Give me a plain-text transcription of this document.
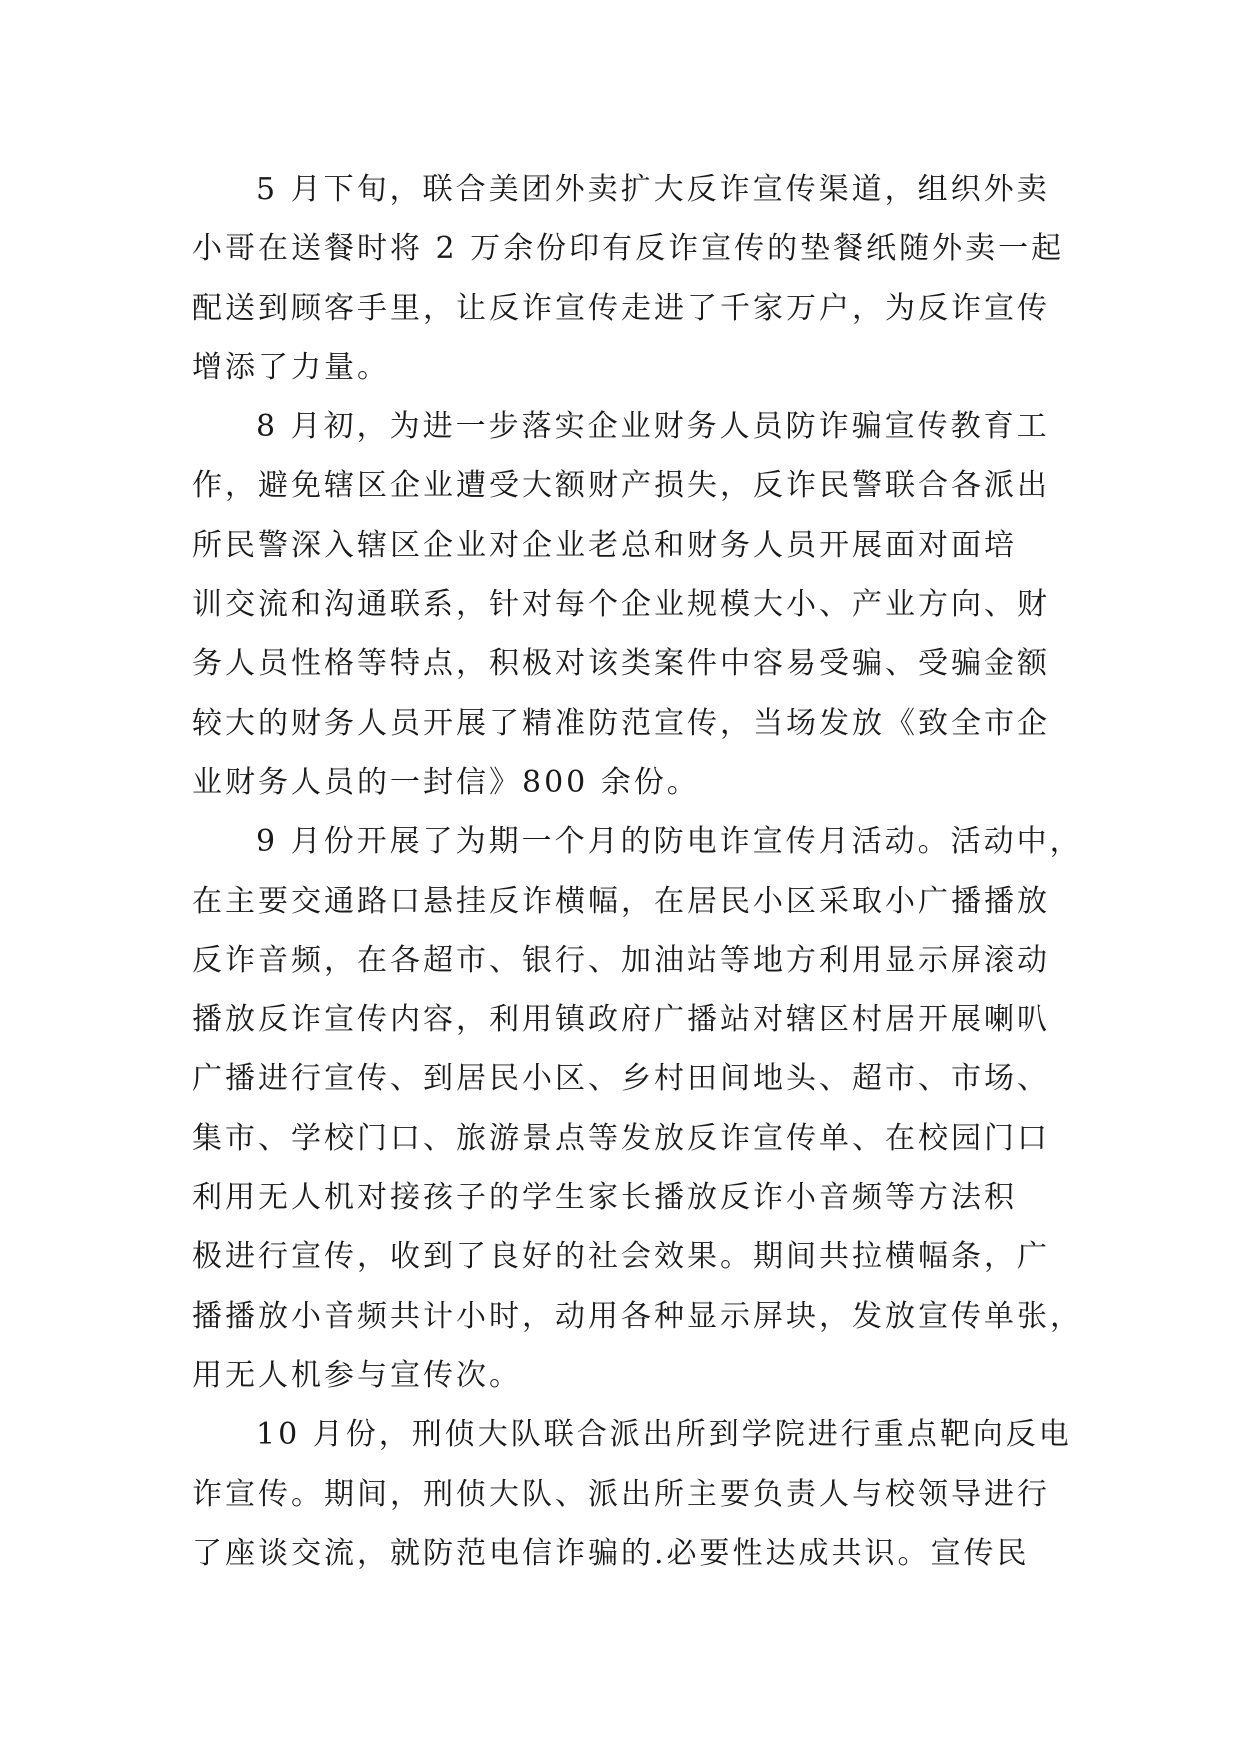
5 月下旬，联合美团外卖扩大反诈宣传渠道，组织外卖
小哥在送餐时将 2 万余份印有反诈宣传的垫餐纸随外卖一起
配送到顾客手里，让反诈宣传走进了千家万户，为反诈宣传
增添了力量。
8 月初，为进一步落实企业财务人员防诈骗宣传教育工
作，避免辖区企业遭受大额财产损失，反诈民警联合各派出
所民警深入辖区企业对企业老总和财务人员开展面对面培
训交流和沟通联系，针对每个企业规模大小、产业方向、财
务人员性格等特点，积极对该类案件中容易受骗、受骗金额
较大的财务人员开展了精准防范宣传，当场发放《致全市企
业财务人员的一封信》800 余份。
9 月份开展了为期一个月的防电诈宣传月活动。活动中，
在主要交通路口悬挂反诈横幅，在居民小区采取小广播播放
反诈音频，在各超市、银行、加油站等地方利用显示屏滚动
播放反诈宣传内容，利用镇政府广播站对辖区村居开展喇叭
广播进行宣传、到居民小区、乡村田间地头、超市、市场、
集市、学校门口、旅游景点等发放反诈宣传单、在校园门口
利用无人机对接孩子的学生家长播放反诈小音频等方法积
极进行宣传，收到了良好的社会效果。期间共拉横幅条，广
播播放小音频共计小时，动用各种显示屏块，发放宣传单张，
用无人机参与宣传次。
10 月份，刑侦大队联合派出所到学院进行重点靶向反电
诈宣传。期间，刑侦大队、派出所主要负责人与校领导进行
了座谈交流，就防范电信诈骗的.必要性达成共识。宣传民
